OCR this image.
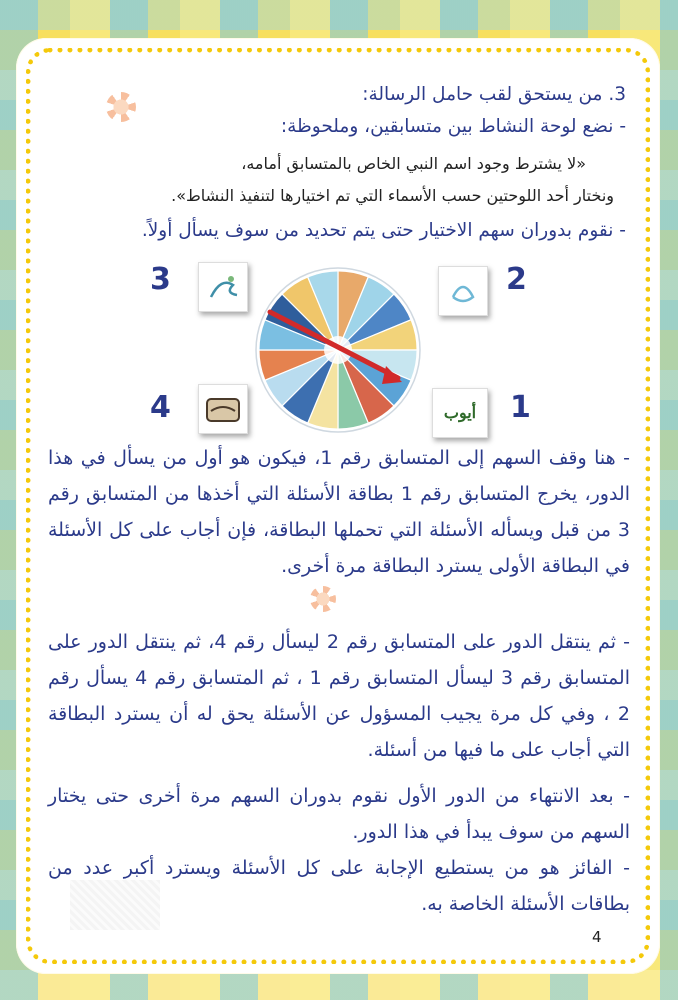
3. من يستحق لقب حامل الرسالة:
- نضع لوحة النشاط بين متسابقين، وملحوظة:
«لا يشترط وجود اسم النبي الخاص بالمتسابق أمامه،
ونختار أحد اللوحتين حسب الأسماء التي تم اختيارها لتنفيذ النشاط».
- نقوم بدوران سهم الاختيار حتى يتم تحديد من سوف يسأل أولاً.
3	2
4	1
أيوب
- هنا وقف السهم إلى المتسابق رقم 1، فيكون هو أول من يسأل في هذا الدور، يخرج المتسابق رقم 1 بطاقة الأسئلة التي أخذها من المتسابق رقم 3 من قبل ويسأله الأسئلة التي تحملها البطاقة، فإن أجاب على كل الأسئلة في البطاقة الأولى يسترد البطاقة مرة أخرى.
- ثم ينتقل الدور على المتسابق رقم 2 ليسأل رقم 4، ثم ينتقل الدور على المتسابق رقم 3 ليسأل المتسابق رقم 1 ، ثم المتسابق رقم 4 يسأل رقم 2 ، وفي كل مرة يجيب المسؤول عن الأسئلة يحق له أن يسترد البطاقة التي أجاب على ما فيها من أسئلة.
- بعد الانتهاء من الدور الأول نقوم بدوران السهم مرة أخرى حتى يختار السهم من سوف يبدأ في هذا الدور.
- الفائز هو من يستطيع الإجابة على كل الأسئلة ويسترد أكبر عدد من بطاقات الأسئلة الخاصة به.
4
